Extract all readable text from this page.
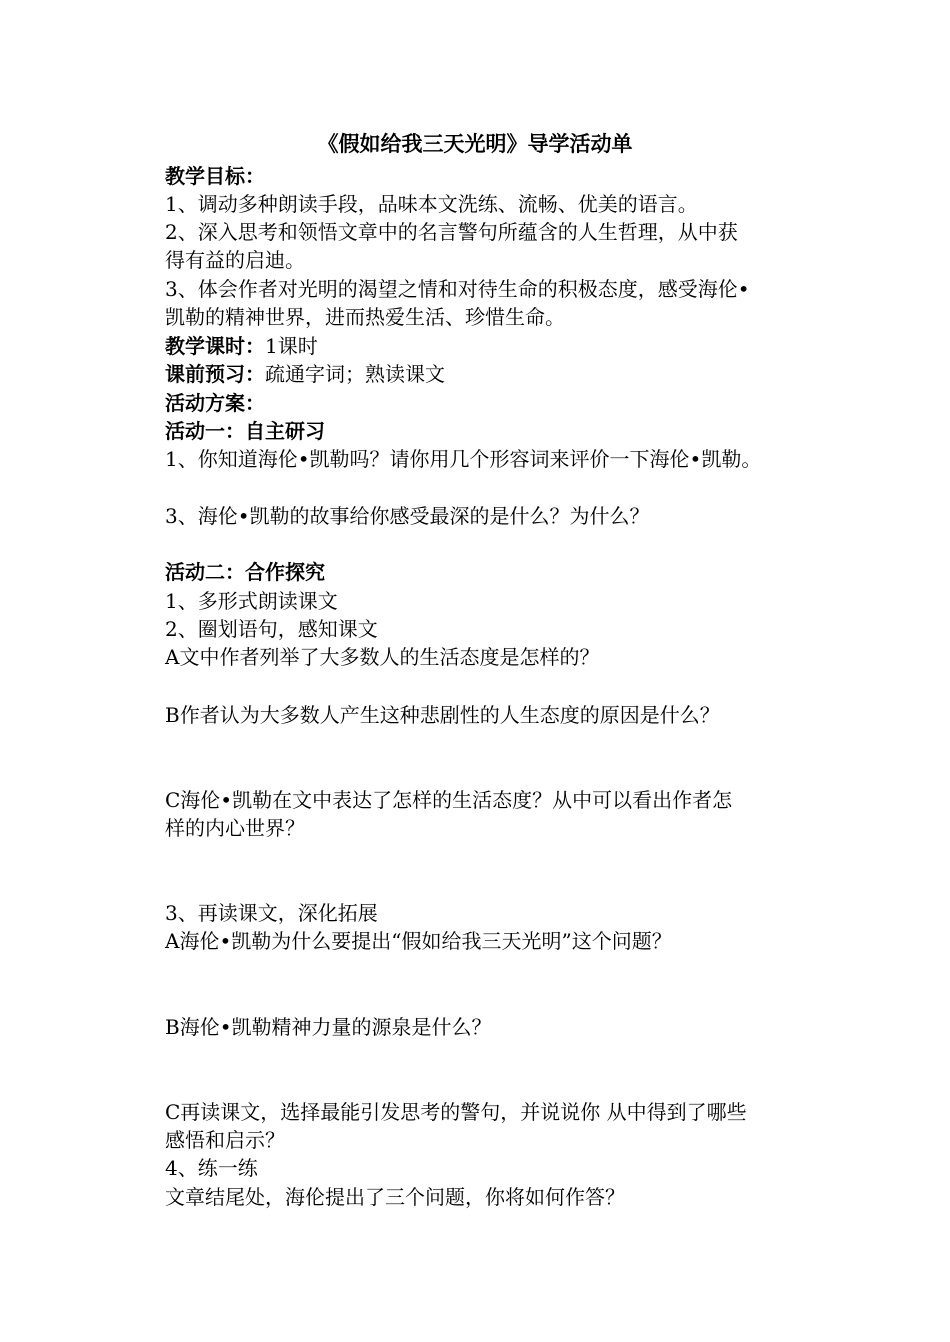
《假如给我三天光明》导学活动单
教学目标：
1、调动多种朗读手段，品味本文洗练、流畅、优美的语言。
2、深入思考和领悟文章中的名言警句所蕴含的人生哲理，从中获
得有益的启迪。
3、体会作者对光明的渴望之情和对待生命的积极态度，感受海伦•
凯勒的精神世界，进而热爱生活、珍惜生命。
教学课时：1课时
课前预习：疏通字词；熟读课文
活动方案：
活动一：自主研习
1、你知道海伦•凯勒吗？请你用几个形容词来评价一下海伦•凯勒。
3、海伦•凯勒的故事给你感受最深的是什么？为什么？
活动二：合作探究
1、多形式朗读课文
2、圈划语句，感知课文
A文中作者列举了大多数人的生活态度是怎样的？
B作者认为大多数人产生这种悲剧性的人生态度的原因是什么？
C海伦•凯勒在文中表达了怎样的生活态度？从中可以看出作者怎
样的内心世界？
3、再读课文，深化拓展
A海伦•凯勒为什么要提出“假如给我三天光明”这个问题？
B海伦•凯勒精神力量的源泉是什么？
C再读课文，选择最能引发思考的警句，并说说你 从中得到了哪些
感悟和启示？
4、练一练
文章结尾处，海伦提出了三个问题，你将如何作答？
